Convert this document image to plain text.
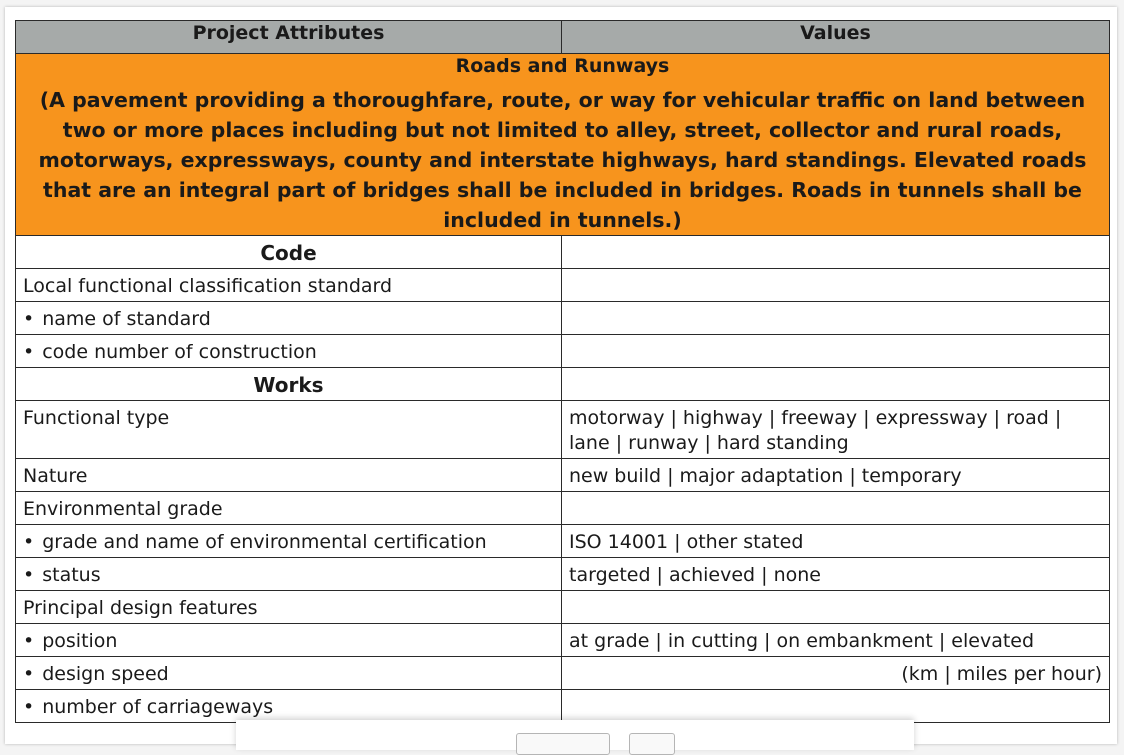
Project Attributes	Values

Roads and Runways
(A pavement providing a thoroughfare, route, or way for vehicular traffic on land between two or more places including but not limited to alley, street, collector and rural roads, motorways, expressways, county and interstate highways, hard standings. Elevated roads that are an integral part of bridges shall be included in bridges. Roads in tunnels shall be included in tunnels.)	

Code	
Local functional classification standard	
• name of standard	
• code number of construction	
Works	
Functional type	motorway | highway | freeway | expressway | road | lane | runway | hard standing
Nature	new build | major adaptation | temporary
Environmental grade	
• grade and name of environmental certification	ISO 14001 | other stated
• status	targeted | achieved | none
Principal design features	
• position	at grade | in cutting | on embankment | elevated
• design speed	(km | miles per hour)
• number of carriageways	
